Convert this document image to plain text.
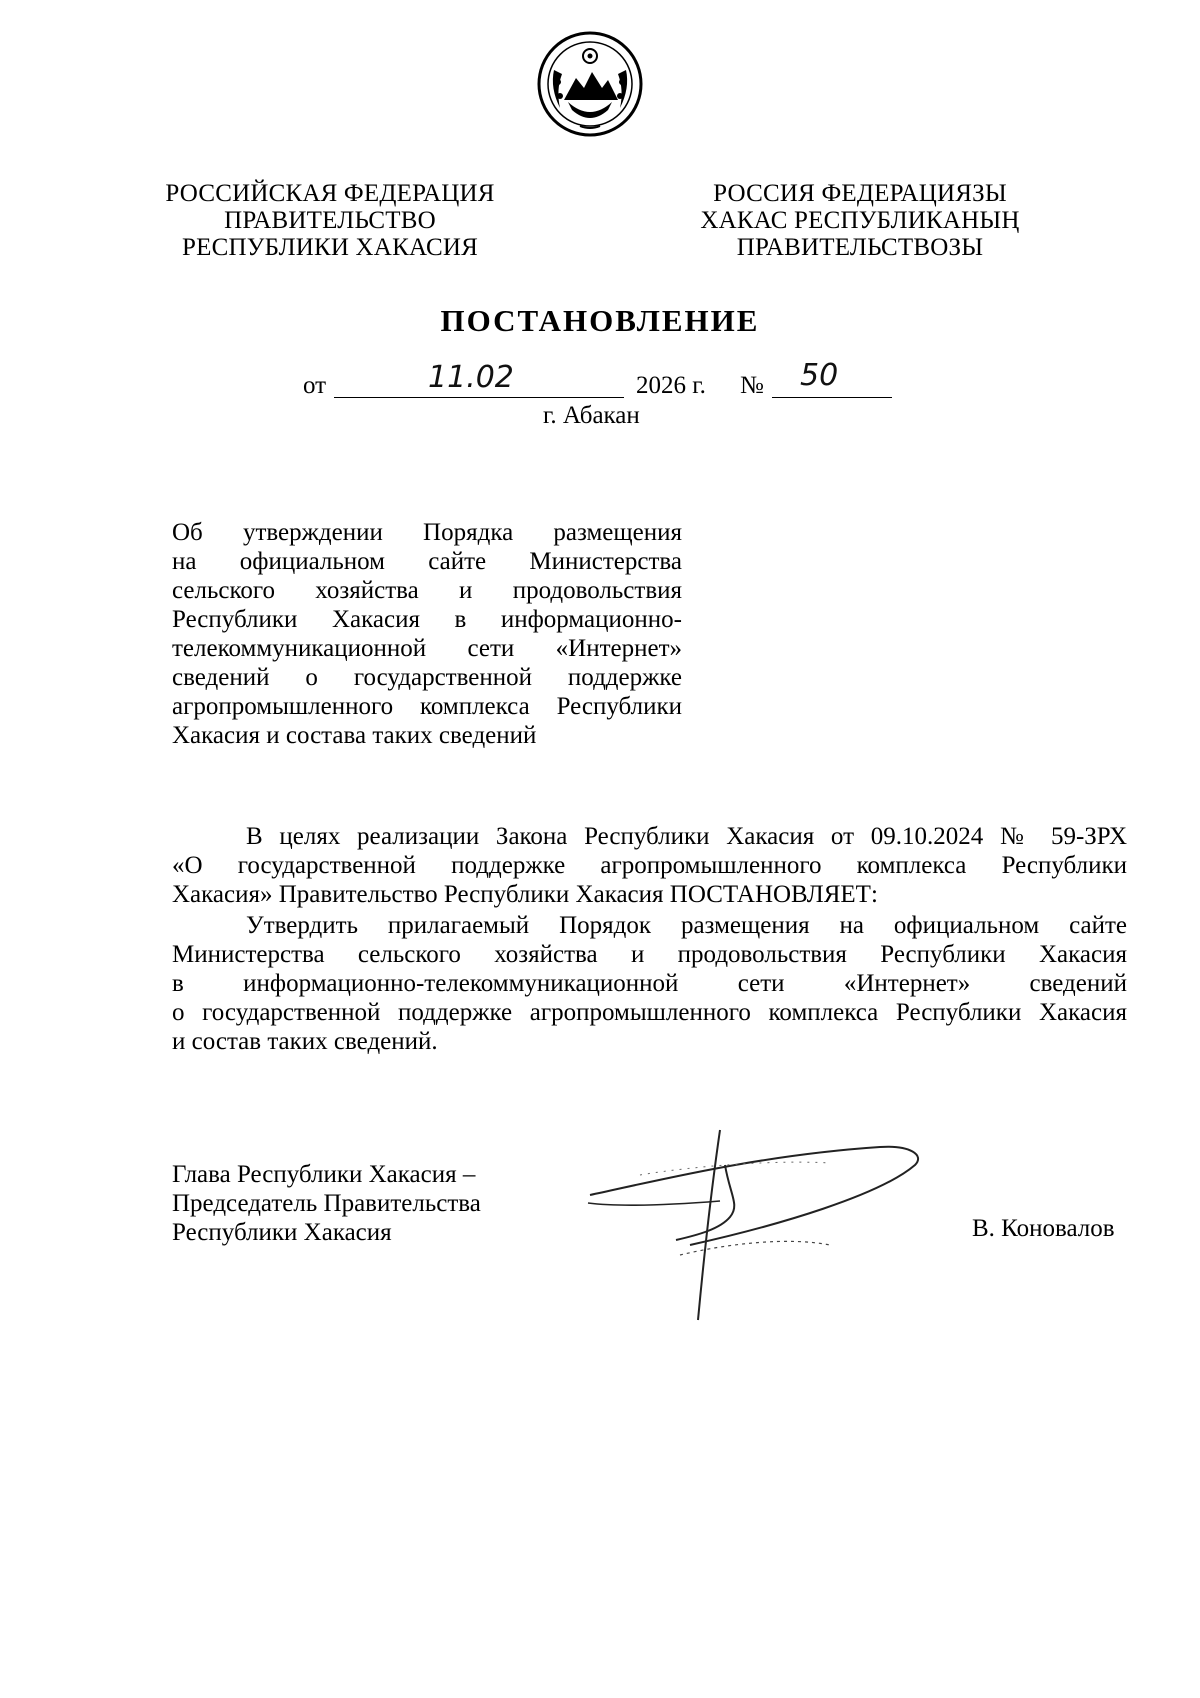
РОССИЙСКАЯ ФЕДЕРАЦИЯ
ПРАВИТЕЛЬСТВО
РЕСПУБЛИКИ ХАКАСИЯ
РОССИЯ ФЕДЕРАЦИЯЗЫ
ХАКАС РЕСПУБЛИКАНЫҢ
ПРАВИТЕЛЬСТВОЗЫ
ПОСТАНОВЛЕНИЕ
от	11.02	2026 г. № 50
г. Абакан
Об утверждении Порядка размещения
на официальном сайте Министерства
сельского хозяйства и продовольствия
Республики Хакасия в информационно-
телекоммуникационной сети «Интернет»
сведений о государственной поддержке
агропромышленного комплекса Республики
Хакасия и состава таких сведений
В целях реализации Закона Республики Хакасия от 09.10.2024 № 59-ЗРХ
«О государственной поддержке агропромышленного комплекса Республики
Хакасия» Правительство Республики Хакасия ПОСТАНОВЛЯЕТ:
Утвердить прилагаемый Порядок размещения на официальном сайте
Министерства сельского хозяйства и продовольствия Республики Хакасия
в информационно-телекоммуникационной сети «Интернет» сведений
о государственной поддержке агропромышленного комплекса Республики Хакасия
и состав таких сведений.
Глава Республики Хакасия –
Председатель Правительства
Республики Хакасия	В. Коновалов
